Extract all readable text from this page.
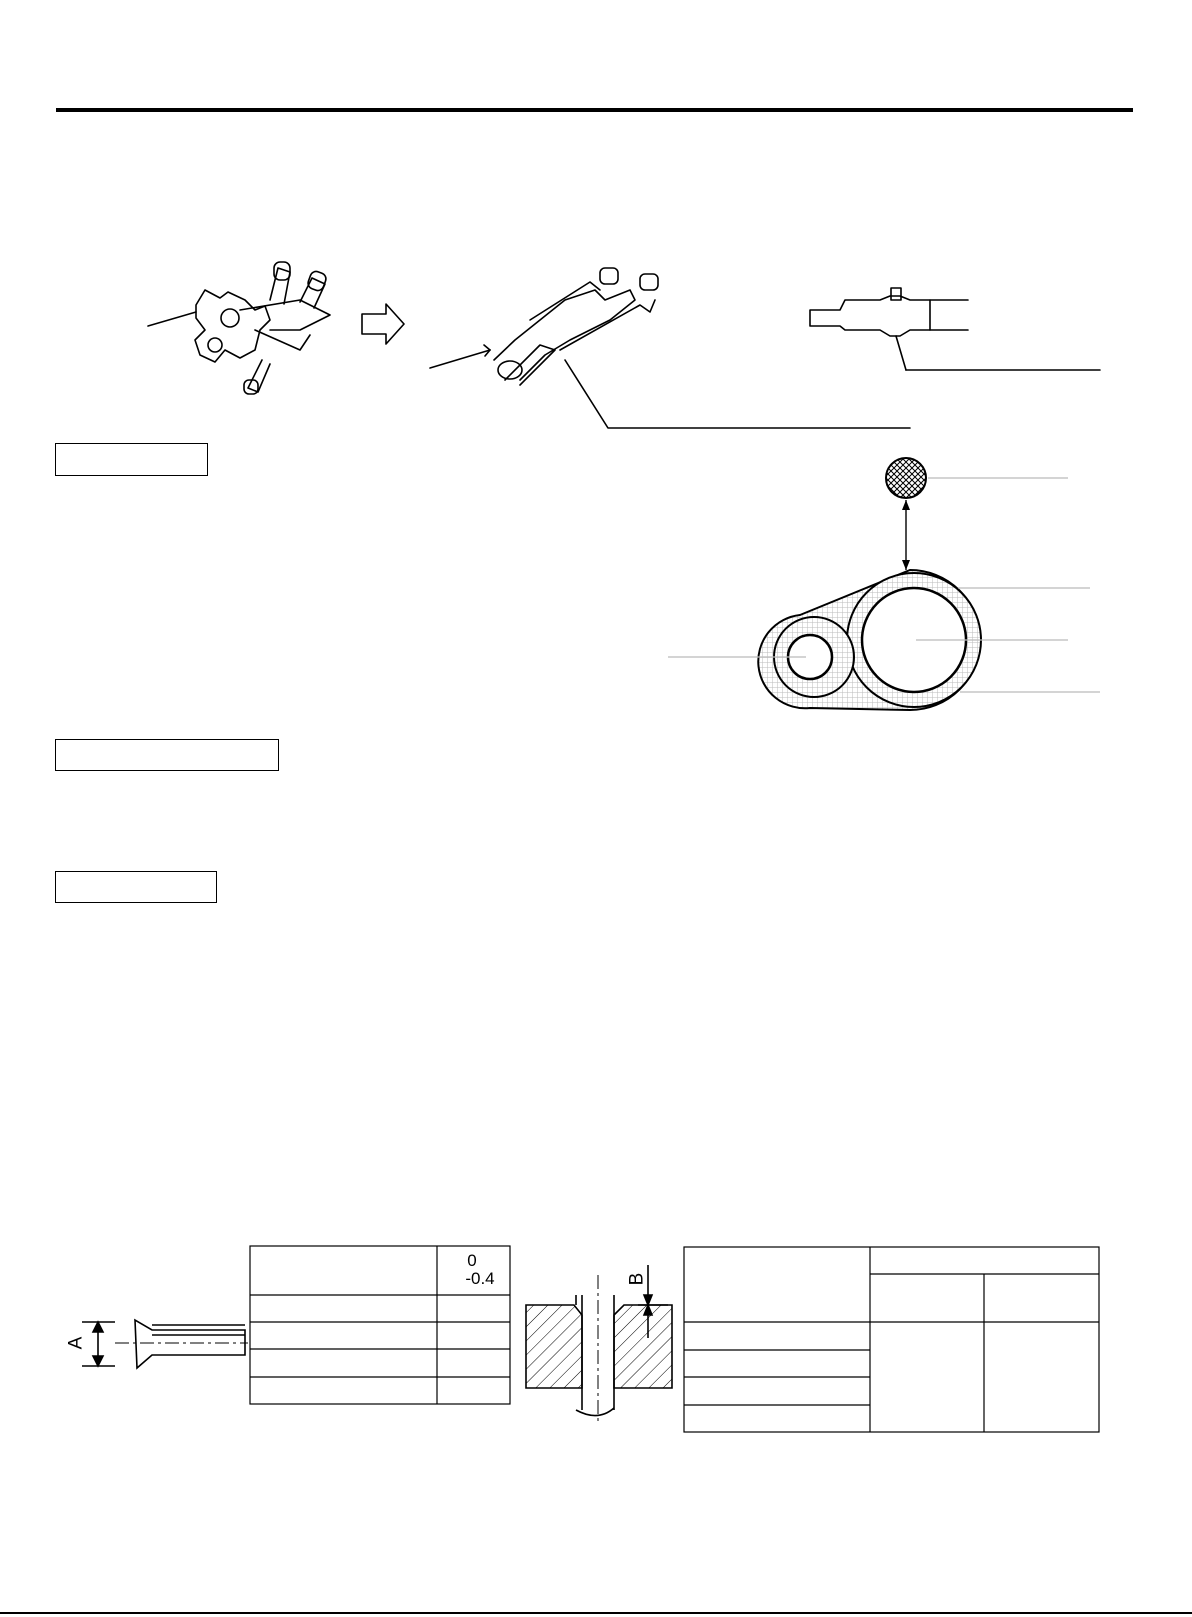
A
0
-0.4	B
